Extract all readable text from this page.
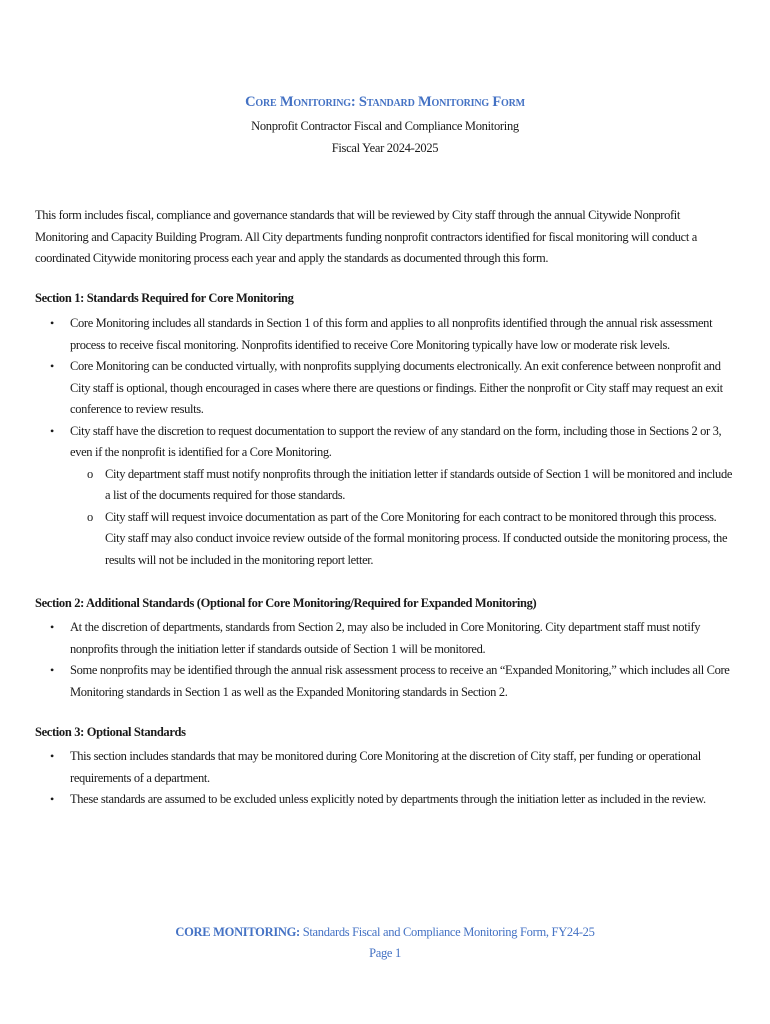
Core Monitoring: Standard Monitoring Form
Nonprofit Contractor Fiscal and Compliance Monitoring
Fiscal Year 2024-2025
This form includes fiscal, compliance and governance standards that will be reviewed by City staff through the annual Citywide Nonprofit Monitoring and Capacity Building Program. All City departments funding nonprofit contractors identified for fiscal monitoring will conduct a coordinated Citywide monitoring process each year and apply the standards as documented through this form.
Section 1: Standards Required for Core Monitoring
• Core Monitoring includes all standards in Section 1 of this form and applies to all nonprofits identified through the annual risk assessment process to receive fiscal monitoring. Nonprofits identified to receive Core Monitoring typically have low or moderate risk levels.
• Core Monitoring can be conducted virtually, with nonprofits supplying documents electronically. An exit conference between nonprofit and City staff is optional, though encouraged in cases where there are questions or findings. Either the nonprofit or City staff may request an exit conference to review results.
• City staff have the discretion to request documentation to support the review of any standard on the form, including those in Sections 2 or 3, even if the nonprofit is identified for a Core Monitoring.
o City department staff must notify nonprofits through the initiation letter if standards outside of Section 1 will be monitored and include a list of the documents required for those standards.
o City staff will request invoice documentation as part of the Core Monitoring for each contract to be monitored through this process. City staff may also conduct invoice review outside of the formal monitoring process. If conducted outside the monitoring process, the results will not be included in the monitoring report letter.
Section 2: Additional Standards (Optional for Core Monitoring/Required for Expanded Monitoring)
• At the discretion of departments, standards from Section 2, may also be included in Core Monitoring. City department staff must notify nonprofits through the initiation letter if standards outside of Section 1 will be monitored.
• Some nonprofits may be identified through the annual risk assessment process to receive an “Expanded Monitoring,” which includes all Core Monitoring standards in Section 1 as well as the Expanded Monitoring standards in Section 2.
Section 3: Optional Standards
• This section includes standards that may be monitored during Core Monitoring at the discretion of City staff, per funding or operational requirements of a department.
• These standards are assumed to be excluded unless explicitly noted by departments through the initiation letter as included in the review.
CORE MONITORING: Standards Fiscal and Compliance Monitoring Form, FY24-25
Page 1
